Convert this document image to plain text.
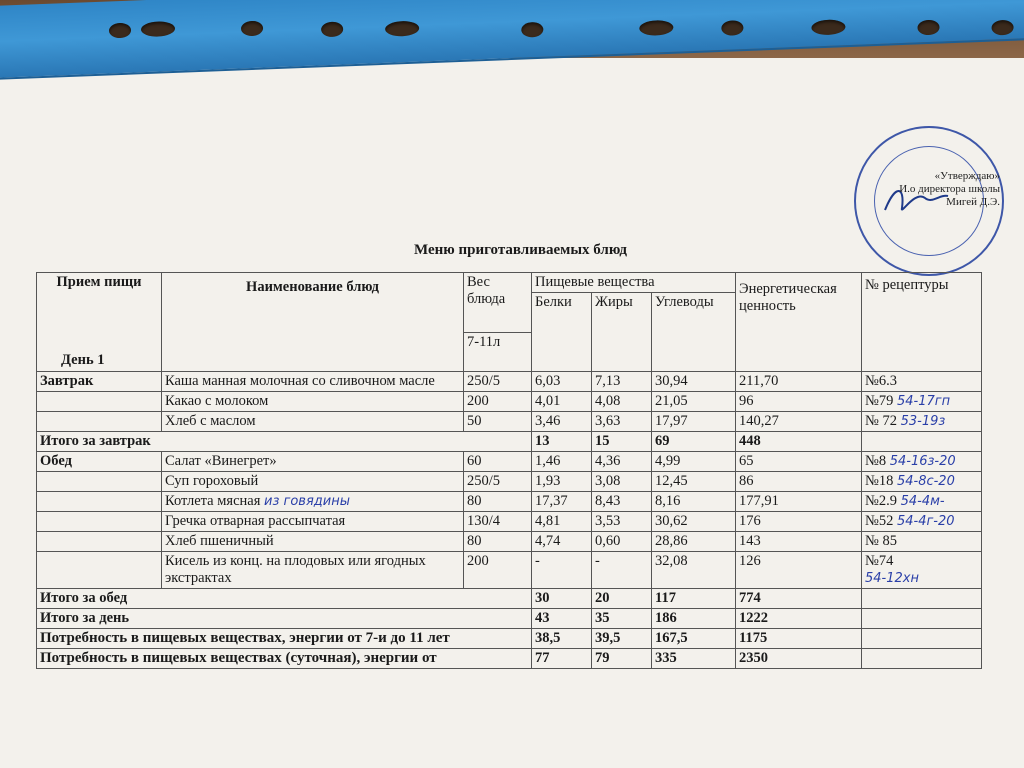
«Утверждаю»
И.о директора школы
Мигей Д.Э.
Меню приготавливаемых блюд
Прием пищи
День 1	Наименование блюд	Вес блюда	Пищевые вещества			Энергетическая ценность	№ рецептуры
			Белки	Жиры	Углеводы		
		7-11л					
Завтрак	Каша манная молочная со сливочном масле	250/5	6,03	7,13	30,94	211,70	№6.3
	Какао с молоком	200	4,01	4,08	21,05	96	№79 54-17гп
	Хлеб с маслом	50	3,46	3,63	17,97	140,27	№ 72 53-19з
Итого за завтрак			13	15	69	448	
Обед	Салат «Винегрет»	60	1,46	4,36	4,99	65	№8 54-16з-20
	Суп гороховый	250/5	1,93	3,08	12,45	86	№18 54-8с-20
	Котлета мясная из говядины	80	17,37	8,43	8,16	177,91	№2.9 54-4м-
	Гречка отварная рассыпчатая	130/4	4,81	3,53	30,62	176	№52 54-4г-20
	Хлеб пшеничный	80	4,74	0,60	28,86	143	№ 85
	Кисель из конц. на плодовых или ягодных экстрактах	200	-	-	32,08	126	№74
54-12хн
Итого за обед			30	20	117	774	
Итого за день			43	35	186	1222	
Потребность в пищевых веществах, энергии от 7-и до 11 лет			38,5	39,5	167,5	1175	
Потребность в пищевых веществах (суточная), энергии от			77	79	335	2350	
